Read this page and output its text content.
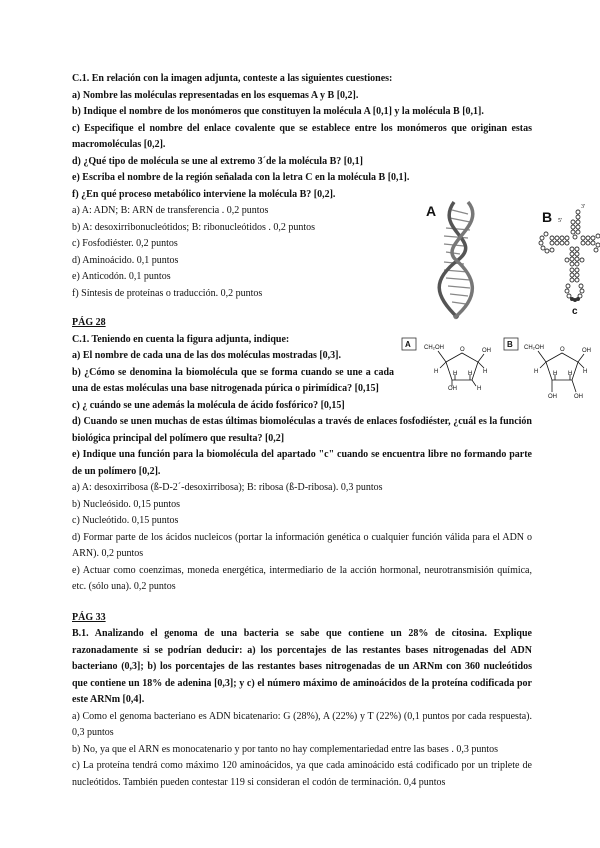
C.1. En relación con la imagen adjunta, conteste a las siguientes cuestiones:

a) Nombre las moléculas representadas en los esquemas A y B [0,2].

b) Indique el nombre de los monómeros que constituyen la molécula A [0,1] y la molécula B [0,1].

c) Especifique el nombre del enlace covalente que se establece entre los monómeros que originan estas macromoléculas [0,2].

d) ¿Qué tipo de molécula se une al extremo 3´de la molécula B? [0,1]

e) Escriba el nombre de la región señalada con la letra C en la molécula B [0,1].

f) ¿En qué proceso metabólico interviene la molécula B? [0,2].

a) A: ADN; B: ARN de transferencia . 0,2 puntos

b) A: desoxirribonucleótidos; B: ribonucleótidos . 0,2 puntos

c) Fosfodiéster. 0,2 puntos

d) Aminoácido. 0,1 puntos

e) Anticodón. 0,1 puntos

f) Síntesis de proteínas o traducción. 0,2 puntos

PÁG 28

C.1. Teniendo en cuenta la figura adjunta, indique:

a) El nombre de cada una de las dos moléculas mostradas [0,3].

b) ¿Cómo se denomina la biomolécula que se forma cuando se une a cada una de estas moléculas una base nitrogenada púrica o pirimídica? [0,15]

c) ¿ cuándo se une además la molécula de ácido fosfórico? [0,15]

d) Cuando se unen muchas de estas últimas biomoléculas a través de enlaces fosfodiéster, ¿cuál es la función biológica principal del polímero que resulta? [0,2]

e) Indique una función para la biomolécula del apartado "c" cuando se encuentra libre no formando parte de un polímero [0,2].

a) A: desoxirribosa (ß-D-2´-desoxirribosa); B: ribosa (ß-D-ribosa). 0,3 puntos

b) Nucleósido. 0,15 puntos

c) Nucleótido. 0,15 puntos

d) Formar parte de los ácidos nucleicos (portar la información genética o cualquier función válida para el ADN o ARN). 0,2 puntos

e) Actuar como coenzimas, moneda energética, intermediario de la acción hormonal, neurotransmisión química, etc. (sólo una). 0,2 puntos

PÁG 33

B.1. Analizando el genoma de una bacteria se sabe que contiene un 28% de citosina. Explique razonadamente si se podrían deducir: a) los porcentajes de las restantes bases nitrogenadas del ADN bacteriano (0,3]; b) los porcentajes de las restantes bases nitrogenadas de un ARNm con 360 nucleótidos que contiene un 18% de adenina [0,3]; y c) el número máximo de aminoácidos de la proteína codificada por este ARNm [0,4].

a) Como el genoma bacteriano es ADN bicatenario: G (28%), A (22%) y T (22%) (0,1 puntos por cada respuesta). 0,3 puntos

b) No, ya que el ARN es monocatenario y por tanto no hay complementariedad entre las bases . 0,3 puntos

c) La proteína tendrá como máximo 120 aminoácidos, ya que cada aminoácido está codificado por un triplete de nucleótidos. También pueden contestar 119 si consideran el codón de terminación. 0,4 puntos

A	B
3'
5'
c
A CH₂OH	O	OH
OH	H
H	H
H H
B CH₂OH	O	OH
OH	OH
H	H
H H
